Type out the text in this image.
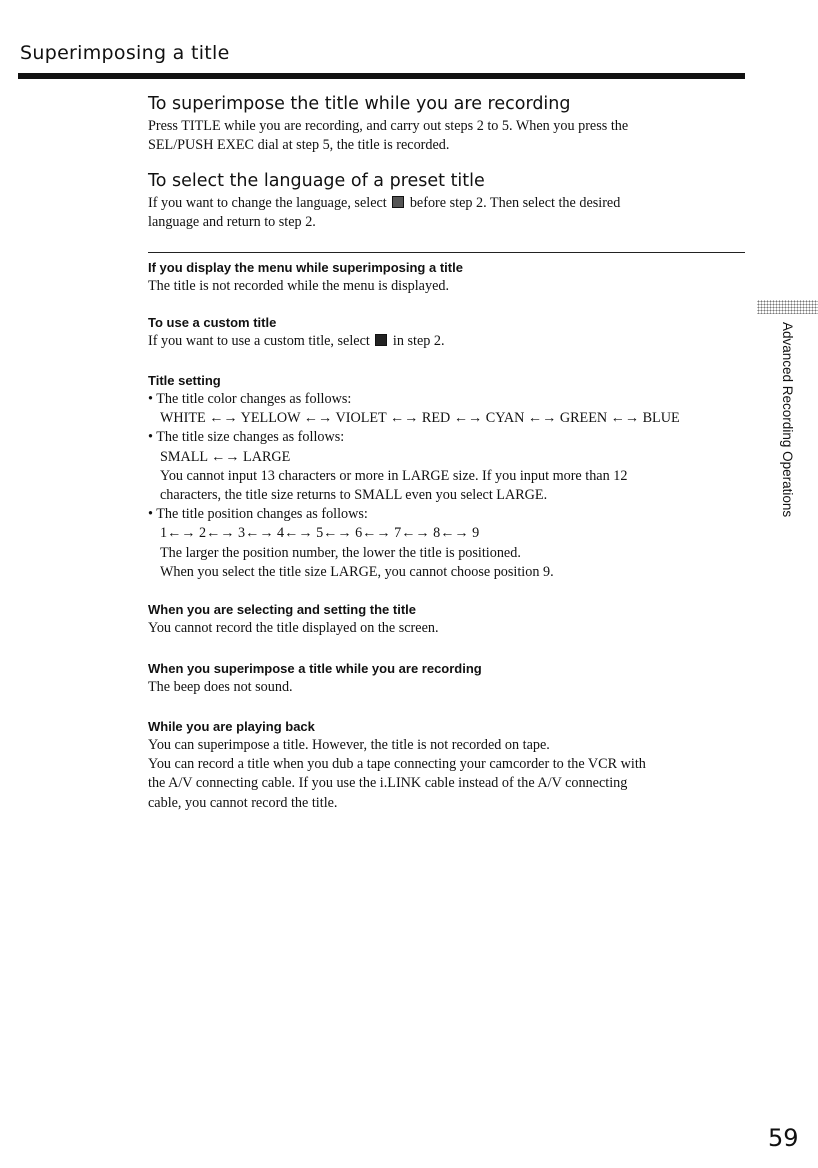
Superimposing a title
To superimpose the title while you are recording
Press TITLE while you are recording, and carry out steps 2 to 5. When you press the
SEL/PUSH EXEC dial at step 5, the title is recorded.
To select the language of a preset title
If you want to change the language, select before step 2. Then select the desired
language and return to step 2.
If you display the menu while superimposing a title
The title is not recorded while the menu is displayed.
To use a custom title
If you want to use a custom title, select in step 2.
Title setting
• The title color changes as follows:
WHITE ←→ YELLOW ←→ VIOLET ←→ RED ←→ CYAN ←→ GREEN ←→ BLUE
• The title size changes as follows:
SMALL ←→ LARGE
You cannot input 13 characters or more in LARGE size. If you input more than 12
characters, the title size returns to SMALL even you select LARGE.
• The title position changes as follows:
1←→ 2←→ 3←→ 4←→ 5←→ 6←→ 7←→ 8←→ 9
The larger the position number, the lower the title is positioned.
When you select the title size LARGE, you cannot choose position 9.
When you are selecting and setting the title
You cannot record the title displayed on the screen.
When you superimpose a title while you are recording
The beep does not sound.
While you are playing back
You can superimpose a title. However, the title is not recorded on tape.
You can record a title when you dub a tape connecting your camcorder to the VCR with
the A/V connecting cable. If you use the i.LINK cable instead of the A/V connecting
cable, you cannot record the title.
Advanced Recording Operations
59
